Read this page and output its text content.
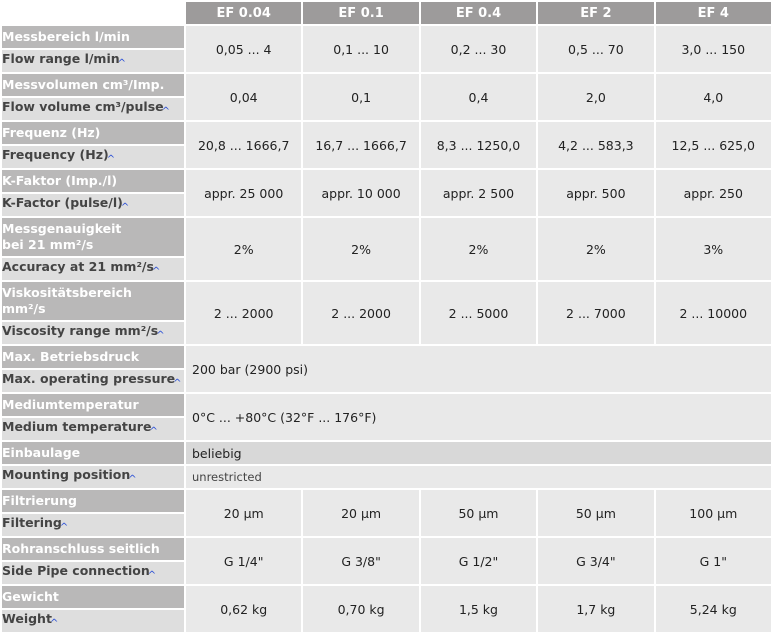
	EF 0.04	EF 0.1	EF 0.4	EF 2	EF 4
Messbereich l/min	0,05 ... 4	0,1 ... 10	0,2 ... 30	0,5 ... 70	3,0 ... 150
Flow range $l/\min_{\^{}}$
Messvolumen cm³/Imp.	0,04	0,1	0,4	2,0	4,0
Flow volume cm³/pulse$_{\^{}}$
Frequenz (Hz)	20,8 ... 1666,7	16,7 ... 1666,7	8,3 ... 1250,0	4,2 ... 583,3	12,5 ... 625,0
Frequency $(Hz)_{\^{}}$
K-Faktor (Imp./l)	appr. 25 000	appr. 10 000	appr. 2 500	appr. 500	appr. 250
K-Factor $(pulse/l)_{\^{}}$
Messgenauigkeit
bei 21 mm²/s	2%	2%	2%	2%	3%
Accuracy at 21 mm²/$s_{\^{}}$
Viskositätsbereich
mm²/s	2 ... 2000	2 ... 2000	2 ... 5000	2 ... 7000	2 ... 10000
Viscosity range mm²/$s_{\^{}}$
Max. Betriebsdruck	200 bar (2900 psi)				
Max. operating pressure$_{\^{}}$
Mediumtemperatur	0°C ... +80°C (32°F ... 176°F)				
Medium temperature$_{\^{}}$
Einbaulage	beliebig				
Mounting position$_{\^{}}$	unrestricted				
Filtrierung	20 µm	20 µm	50 µm	50 µm	100 µm
Filtering$_{\^{}}$
Rohranschluss seitlich	G 1/4"	G 3/8"	G 1/2"	G 3/4"	G 1"
Side Pipe connection$_{\^{}}$
Gewicht	0,62 kg	0,70 kg	1,5 kg	1,7 kg	5,24 kg
Weight$_{\^{}}$
